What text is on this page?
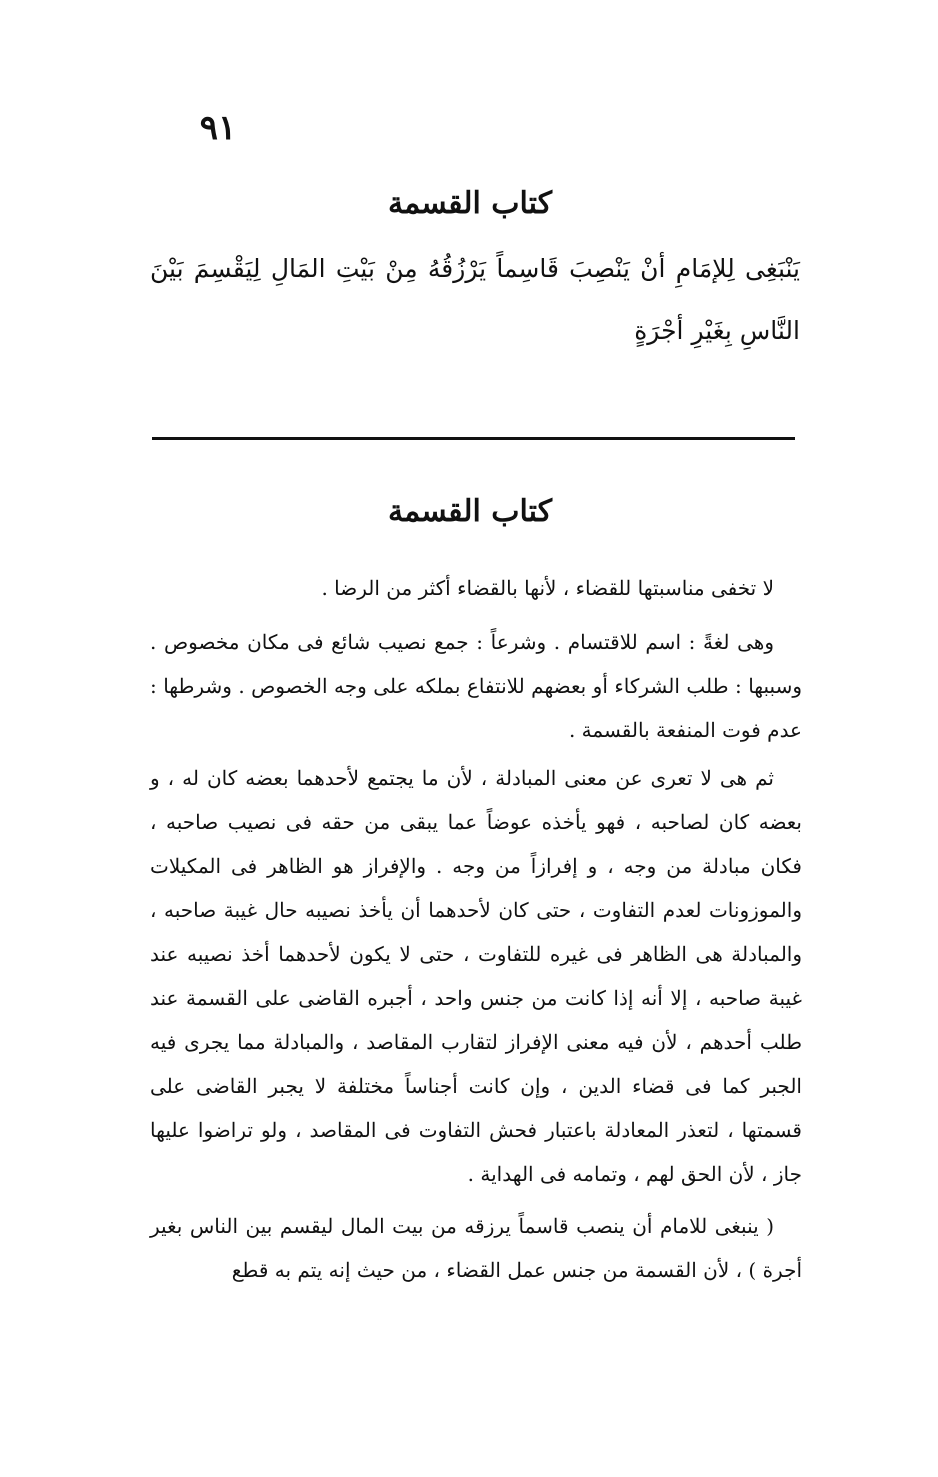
٩١
كتاب القسمة
يَنْبَغِى لِلإمَامِ أنْ يَنْصِبَ قَاسِماً يَرْزُقُهُ مِنْ بَيْتِ المَالِ لِيَقْسِمَ بَيْنَ النَّاسِ بِغَيْرِ أجْرَةٍ
كتاب القسمة

لا تخفى مناسبتها للقضاء ، لأنها بالقضاء أكثر من الرضا .

وهى لغةً : اسم للاقتسام . وشرعاً : جمع نصيب شائع فى مكان مخصوص . وسببها : طلب الشركاء أو بعضهم للانتفاع بملكه على وجه الخصوص . وشرطها : عدم فوت المنفعة بالقسمة .

ثم هى لا تعرى عن معنى المبادلة ، لأن ما يجتمع لأحدهما بعضه كان له ، و بعضه كان لصاحبه ، فهو يأخذه عوضاً عما يبقى من حقه فى نصيب صاحبه ، فكان مبادلة من وجه ، و إفرازاً من وجه . والإفراز هو الظاهر فى المكيلات والموزونات لعدم التفاوت ، حتى كان لأحدهما أن يأخذ نصيبه حال غيبة صاحبه ، والمبادلة هى الظاهر فى غيره للتفاوت ، حتى لا يكون لأحدهما أخذ نصيبه عند غيبة صاحبه ، إلا أنه إذا كانت من جنس واحد ، أجبره القاضى على القسمة عند طلب أحدهم ، لأن فيه معنى الإفراز لتقارب المقاصد ، والمبادلة مما يجرى فيه الجبر كما فى قضاء الدين ، وإن كانت أجناساً مختلفة لا يجبر القاضى على قسمتها ، لتعذر المعادلة باعتبار فحش التفاوت فى المقاصد ، ولو تراضوا عليها جاز ، لأن الحق لهم ، وتمامه فى الهداية .

( ينبغى للامام أن ينصب قاسماً يرزقه من بيت المال ليقسم بين الناس بغير أجرة ) ، لأن القسمة من جنس عمل القضاء ، من حيث إنه يتم به قطع
